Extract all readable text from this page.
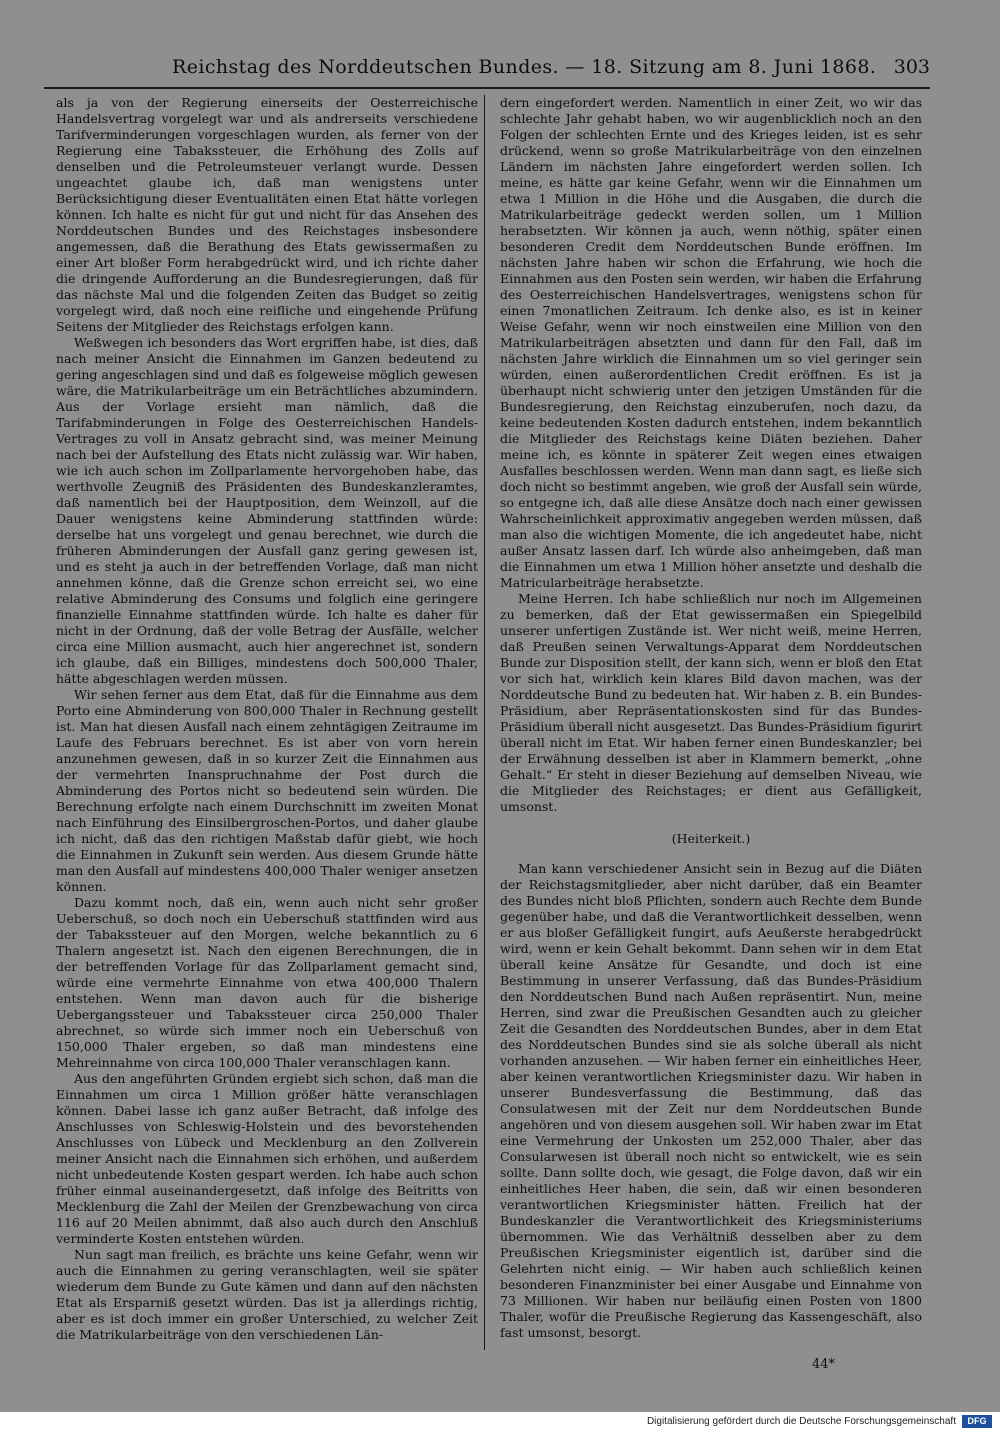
Reichstag des Norddeutschen Bundes. — 18. Sitzung am 8. Juni 1868. 303

als ja von der Regierung einerseits der Oesterreichische Handelsvertrag vorgelegt war und als andrerseits verschiedene Tarifverminderungen vorgeschlagen wurden, als ferner von der Regierung eine Tabakssteuer, die Erhöhung des Zolls auf denselben und die Petroleumsteuer verlangt wurde. Dessen ungeachtet glaube ich, daß man wenigstens unter Berücksichtigung dieser Eventualitäten einen Etat hätte vorlegen können. Ich halte es nicht für gut und nicht für das Ansehen des Norddeutschen Bundes und des Reichstages insbesondere angemessen, daß die Berathung des Etats gewissermaßen zu einer Art bloßer Form herabgedrückt wird, und ich richte daher die dringende Aufforderung an die Bundesregierungen, daß für das nächste Mal und die folgenden Zeiten das Budget so zeitig vorgelegt wird, daß noch eine reifliche und eingehende Prüfung Seitens der Mitglieder des Reichstags erfolgen kann.

Weßwegen ich besonders das Wort ergriffen habe, ist dies, daß nach meiner Ansicht die Einnahmen im Ganzen bedeutend zu gering angeschlagen sind und daß es folgeweise möglich gewesen wäre, die Matrikularbeiträge um ein Beträchtliches abzumindern. Aus der Vorlage ersieht man nämlich, daß die Tarifabminderungen in Folge des Oesterreichischen Handels-Vertrages zu voll in Ansatz gebracht sind, was meiner Meinung nach bei der Aufstellung des Etats nicht zulässig war. Wir haben, wie ich auch schon im Zollparlamente hervorgehoben habe, das werthvolle Zeugniß des Präsidenten des Bundeskanzleramtes, daß namentlich bei der Hauptposition, dem Weinzoll, auf die Dauer wenigstens keine Abminderung stattfinden würde: derselbe hat uns vorgelegt und genau berechnet, wie durch die früheren Abminderungen der Ausfall ganz gering gewesen ist, und es steht ja auch in der betreffenden Vorlage, daß man nicht annehmen könne, daß die Grenze schon erreicht sei, wo eine relative Abminderung des Consums und folglich eine geringere finanzielle Einnahme stattfinden würde. Ich halte es daher für nicht in der Ordnung, daß der volle Betrag der Ausfälle, welcher circa eine Million ausmacht, auch hier angerechnet ist, sondern ich glaube, daß ein Billiges, mindestens doch 500,000 Thaler, hätte abgeschlagen werden müssen.

Wir sehen ferner aus dem Etat, daß für die Einnahme aus dem Porto eine Abminderung von 800,000 Thaler in Rechnung gestellt ist. Man hat diesen Ausfall nach einem zehntägigen Zeitraume im Laufe des Februars berechnet. Es ist aber von vorn herein anzunehmen gewesen, daß in so kurzer Zeit die Einnahmen aus der vermehrten Inanspruchnahme der Post durch die Abminderung des Portos nicht so bedeutend sein würden. Die Berechnung erfolgte nach einem Durchschnitt im zweiten Monat nach Einführung des Einsilbergroschen-Portos, und daher glaube ich nicht, daß das den richtigen Maßstab dafür giebt, wie hoch die Einnahmen in Zukunft sein werden. Aus diesem Grunde hätte man den Ausfall auf mindestens 400,000 Thaler weniger ansetzen können.

Dazu kommt noch, daß ein, wenn auch nicht sehr großer Ueberschuß, so doch noch ein Ueberschuß stattfinden wird aus der Tabakssteuer auf den Morgen, welche bekanntlich zu 6 Thalern angesetzt ist. Nach den eigenen Berechnungen, die in der betreffenden Vorlage für das Zollparlament gemacht sind, würde eine vermehrte Einnahme von etwa 400,000 Thalern entstehen. Wenn man davon auch für die bisherige Uebergangssteuer und Tabakssteuer circa 250,000 Thaler abrechnet, so würde sich immer noch ein Ueberschuß von 150,000 Thaler ergeben, so daß man mindestens eine Mehreinnahme von circa 100,000 Thaler veranschlagen kann.

Aus den angeführten Gründen ergiebt sich schon, daß man die Einnahmen um circa 1 Million größer hätte veranschlagen können. Dabei lasse ich ganz außer Betracht, daß infolge des Anschlusses von Schleswig-Holstein und des bevorstehenden Anschlusses von Lübeck und Mecklenburg an den Zollverein meiner Ansicht nach die Einnahmen sich erhöhen, und außerdem nicht unbedeutende Kosten gespart werden. Ich habe auch schon früher einmal auseinandergesetzt, daß infolge des Beitritts von Mecklenburg die Zahl der Meilen der Grenzbewachung von circa 116 auf 20 Meilen abnimmt, daß also auch durch den Anschluß verminderte Kosten entstehen würden.

Nun sagt man freilich, es brächte uns keine Gefahr, wenn wir auch die Einnahmen zu gering veranschlagten, weil sie später wiederum dem Bunde zu Gute kämen und dann auf den nächsten Etat als Ersparniß gesetzt würden. Das ist ja allerdings richtig, aber es ist doch immer ein großer Unterschied, zu welcher Zeit die Matrikularbeiträge von den verschiedenen Län-

dern eingefordert werden. Namentlich in einer Zeit, wo wir das schlechte Jahr gehabt haben, wo wir augenblicklich noch an den Folgen der schlechten Ernte und des Krieges leiden, ist es sehr drückend, wenn so große Matrikularbeiträge von den einzelnen Ländern im nächsten Jahre eingefordert werden sollen. Ich meine, es hätte gar keine Gefahr, wenn wir die Einnahmen um etwa 1 Million in die Höhe und die Ausgaben, die durch die Matrikularbeiträge gedeckt werden sollen, um 1 Million herabsetzten. Wir können ja auch, wenn nöthig, später einen besonderen Credit dem Norddeutschen Bunde eröffnen. Im nächsten Jahre haben wir schon die Erfahrung, wie hoch die Einnahmen aus den Posten sein werden, wir haben die Erfahrung des Oesterreichischen Handelsvertrages, wenigstens schon für einen 7monatlichen Zeitraum. Ich denke also, es ist in keiner Weise Gefahr, wenn wir noch einstweilen eine Million von den Matrikularbeiträgen absetzten und dann für den Fall, daß im nächsten Jahre wirklich die Einnahmen um so viel geringer sein würden, einen außerordentlichen Credit eröffnen. Es ist ja überhaupt nicht schwierig unter den jetzigen Umständen für die Bundesregierung, den Reichstag einzuberufen, noch dazu, da keine bedeutenden Kosten dadurch entstehen, indem bekanntlich die Mitglieder des Reichstags keine Diäten beziehen. Daher meine ich, es könnte in späterer Zeit wegen eines etwaigen Ausfalles beschlossen werden. Wenn man dann sagt, es ließe sich doch nicht so bestimmt angeben, wie groß der Ausfall sein würde, so entgegne ich, daß alle diese Ansätze doch nach einer gewissen Wahrscheinlichkeit approximativ angegeben werden müssen, daß man also die wichtigen Momente, die ich angedeutet habe, nicht außer Ansatz lassen darf. Ich würde also anheimgeben, daß man die Einnahmen um etwa 1 Million höher ansetzte und deshalb die Matricularbeiträge herabsetzte.

Meine Herren. Ich habe schließlich nur noch im Allgemeinen zu bemerken, daß der Etat gewissermaßen ein Spiegelbild unserer unfertigen Zustände ist. Wer nicht weiß, meine Herren, daß Preußen seinen Verwaltungs-Apparat dem Norddeutschen Bunde zur Disposition stellt, der kann sich, wenn er bloß den Etat vor sich hat, wirklich kein klares Bild davon machen, was der Norddeutsche Bund zu bedeuten hat. Wir haben z. B. ein Bundes-Präsidium, aber Repräsentationskosten sind für das Bundes-Präsidium überall nicht ausgesetzt. Das Bundes-Präsidium figurirt überall nicht im Etat. Wir haben ferner einen Bundeskanzler; bei der Erwähnung desselben ist aber in Klammern bemerkt, „ohne Gehalt.“ Er steht in dieser Beziehung auf demselben Niveau, wie die Mitglieder des Reichstages; er dient aus Gefälligkeit, umsonst.

(Heiterkeit.)

Man kann verschiedener Ansicht sein in Bezug auf die Diäten der Reichstagsmitglieder, aber nicht darüber, daß ein Beamter des Bundes nicht bloß Pflichten, sondern auch Rechte dem Bunde gegenüber habe, und daß die Verantwortlichkeit desselben, wenn er aus bloßer Gefälligkeit fungirt, aufs Aeußerste herabgedrückt wird, wenn er kein Gehalt bekommt. Dann sehen wir in dem Etat überall keine Ansätze für Gesandte, und doch ist eine Bestimmung in unserer Verfassung, daß das Bundes-Präsidium den Norddeutschen Bund nach Außen repräsentirt. Nun, meine Herren, sind zwar die Preußischen Gesandten auch zu gleicher Zeit die Gesandten des Norddeutschen Bundes, aber in dem Etat des Norddeutschen Bundes sind sie als solche überall als nicht vorhanden anzusehen. — Wir haben ferner ein einheitliches Heer, aber keinen verantwortlichen Kriegsminister dazu. Wir haben in unserer Bundesverfassung die Bestimmung, daß das Consulatwesen mit der Zeit nur dem Norddeutschen Bunde angehören und von diesem ausgehen soll. Wir haben zwar im Etat eine Vermehrung der Unkosten um 252,000 Thaler, aber das Consularwesen ist überall noch nicht so entwickelt, wie es sein sollte. Dann sollte doch, wie gesagt, die Folge davon, daß wir ein einheitliches Heer haben, die sein, daß wir einen besonderen verantwortlichen Kriegsminister hätten. Freilich hat der Bundeskanzler die Verantwortlichkeit des Kriegsministeriums übernommen. Wie das Verhältniß desselben aber zu dem Preußischen Kriegsminister eigentlich ist, darüber sind die Gelehrten nicht einig. — Wir haben auch schließlich keinen besonderen Finanzminister bei einer Ausgabe und Einnahme von 73 Millionen. Wir haben nur beiläufig einen Posten von 1800 Thaler, wofür die Preußische Regierung das Kassengeschäft, also fast umsonst, besorgt.

44*
Digitalisierung gefördert durch die Deutsche Forschungsgemeinschaft	DFG
